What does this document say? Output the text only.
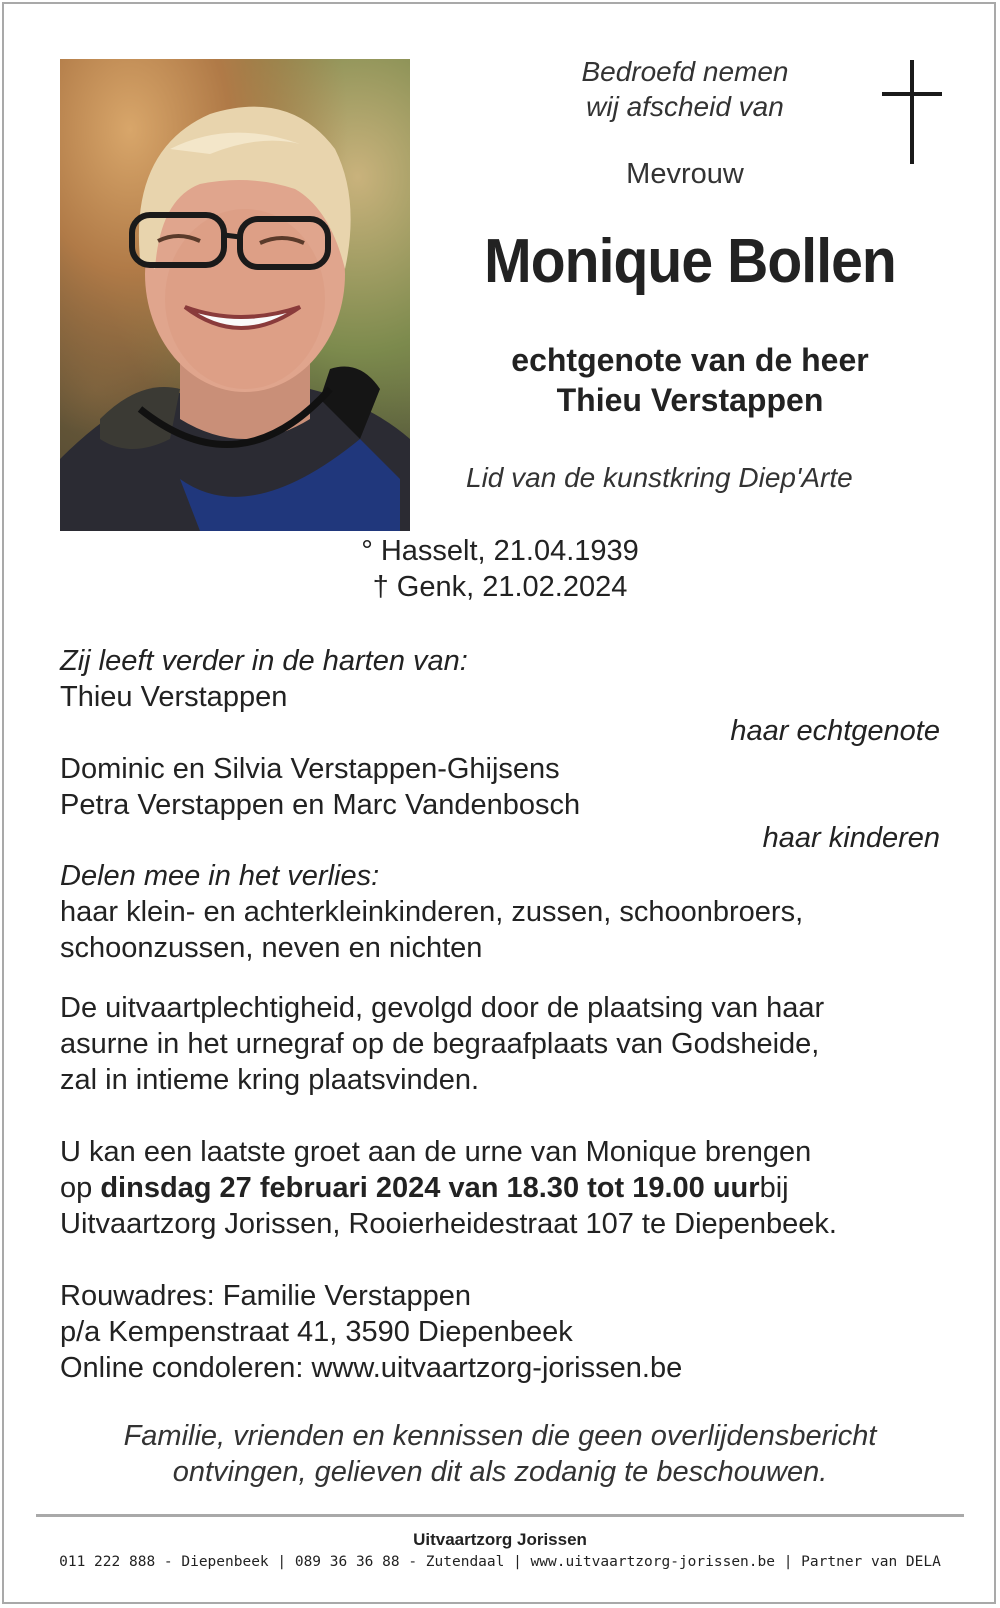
Bedroefd nemen
wij afscheid van
Mevrouw
Monique Bollen
echtgenote van de heer
Thieu Verstappen
Lid van de kunstkring Diep'Arte
° Hasselt, 21.04.1939
† Genk, 21.02.2024
Zij leeft verder in de harten van:
Thieu Verstappen
haar echtgenote
Dominic en Silvia Verstappen-Ghijsens
Petra Verstappen en Marc Vandenbosch
haar kinderen
Delen mee in het verlies:
haar klein- en achterkleinkinderen, zussen, schoonbroers,
schoonzussen, neven en nichten
De uitvaartplechtigheid, gevolgd door de plaatsing van haar
asurne in het urnegraf op de begraafplaats van Godsheide,
zal in intieme kring plaatsvinden.
U kan een laatste groet aan de urne van Monique brengen
op dinsdag 27 februari 2024 van 18.30 tot 19.00 uurbij
Uitvaartzorg Jorissen, Rooierheidestraat 107 te Diepenbeek.
Rouwadres: Familie Verstappen
p/a Kempenstraat 41, 3590 Diepenbeek
Online condoleren: www.uitvaartzorg-jorissen.be
Familie, vrienden en kennissen die geen overlijdensbericht
ontvingen, gelieven dit als zodanig te beschouwen.
Uitvaartzorg Jorissen
011 222 888 - Diepenbeek | 089 36 36 88 - Zutendaal | www.uitvaartzorg-jorissen.be | Partner van DELA
